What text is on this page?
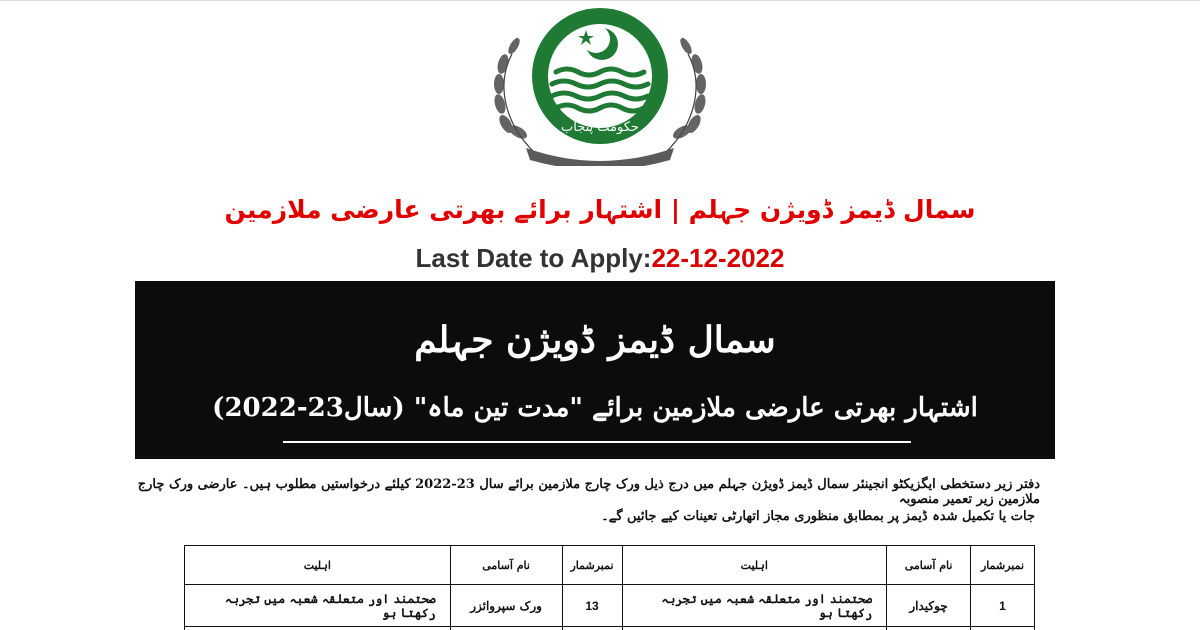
حکومت پنجاب
سمال ڈیمز ڈویژن جہلم | اشتہار برائے بھرتی عارضی ملازمین
Last Date to Apply:22-12-2022
سمال ڈیمز ڈویژن جہلم
اشتہار بھرتی عارضی ملازمین برائے "مدت تین ماہ" (سال23-2022)
دفتر زیر دستخطی ایگزیکٹو انجینئر سمال ڈیمز ڈویژن جہلم میں درج ذیل ورک چارج ملازمین برائے سال 23-2022 کیلئے درخواستیں مطلوب ہیں۔ عارضی ورک چارج ملازمین زیر تعمیر منصوبہ
جات یا تکمیل شدہ ڈیمز پر بمطابق منظوری مجاز اتھارٹی تعینات کیے جائیں گے۔
نمبرشمار	نام آسامی	اہلیت	نمبرشمار	نام آسامی	اہلیت
1	چوکیدار	صحتمند اور متعلقہ شعبہ میں تجربہ رکھتا ہو	13	ورک سپروائزر	صحتمند اور متعلقہ شعبہ میں تجربہ رکھتا ہو
